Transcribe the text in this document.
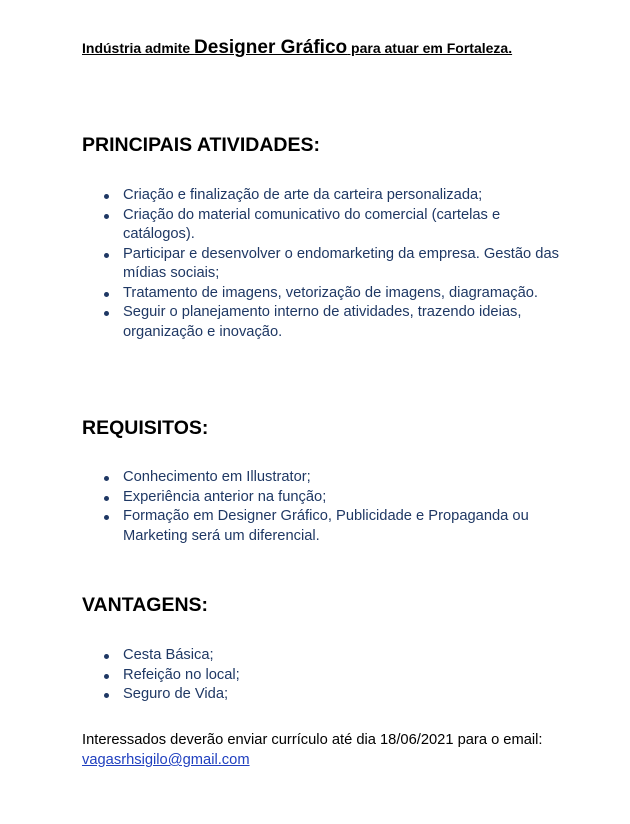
Indústria admite Designer Gráfico para atuar em Fortaleza.
PRINCIPAIS ATIVIDADES:
Criação e finalização de arte da carteira personalizada;
Criação do material comunicativo do comercial (cartelas e catálogos).
Participar e desenvolver o endomarketing da empresa. Gestão das mídias sociais;
Tratamento de imagens, vetorização de imagens, diagramação.
Seguir o planejamento interno de atividades, trazendo ideias, organização e inovação.
REQUISITOS:
Conhecimento em Illustrator;
Experiência anterior na função;
Formação em Designer Gráfico, Publicidade e Propaganda ou Marketing será um diferencial.
VANTAGENS:
Cesta Básica;
Refeição no local;
Seguro de Vida;
Interessados deverão enviar currículo até dia 18/06/2021 para o email: vagasrhsigilo@gmail.com
